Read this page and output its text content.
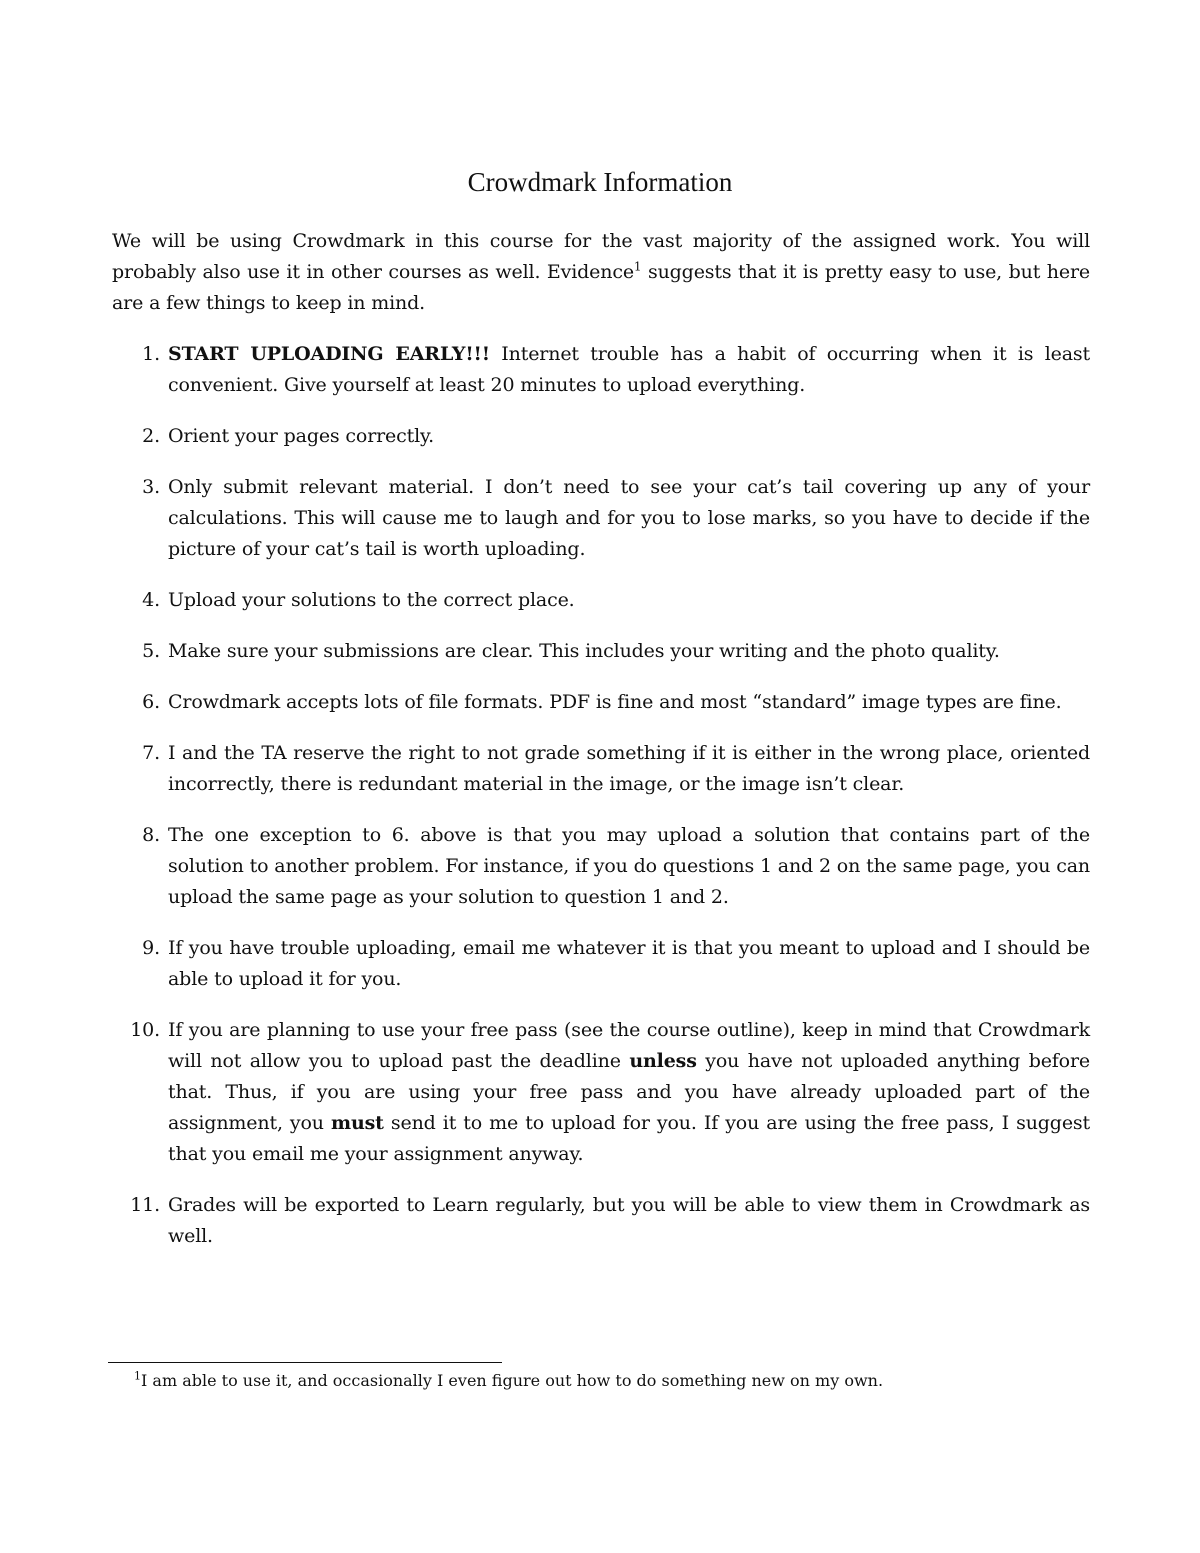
Crowdmark Information

We will be using Crowdmark in this course for the vast majority of the assigned work. You will probably also use it in other courses as well. Evidence$^1$ suggests that it is pretty easy to use, but here are a few things to keep in mind.

1. START UPLOADING EARLY!!! Internet trouble has a habit of occurring when it is least convenient. Give yourself at least 20 minutes to upload everything.
2. Orient your pages correctly.
3. Only submit relevant material. I don’t need to see your cat’s tail covering up any of your calculations. This will cause me to laugh and for you to lose marks, so you have to decide if the picture of your cat’s tail is worth uploading.
4. Upload your solutions to the correct place.
5. Make sure your submissions are clear. This includes your writing and the photo quality.
6. Crowdmark accepts lots of file formats. PDF is fine and most “standard” image types are fine.
7. I and the TA reserve the right to not grade something if it is either in the wrong place, oriented incorrectly, there is redundant material in the image, or the image isn’t clear.
8. The one exception to 6. above is that you may upload a solution that contains part of the solution to another problem. For instance, if you do questions 1 and 2 on the same page, you can upload the same page as your solution to question 1 and 2.
9. If you have trouble uploading, email me whatever it is that you meant to upload and I should be able to upload it for you.
10. If you are planning to use your free pass (see the course outline), keep in mind that Crowdmark will not allow you to upload past the deadline unless you have not uploaded anything before that. Thus, if you are using your free pass and you have already uploaded part of the assignment, you must send it to me to upload for you. If you are using the free pass, I suggest that you email me your assignment anyway.
11. Grades will be exported to Learn regularly, but you will be able to view them in Crowdmark as well.
$^1$I am able to use it, and occasionally I even figure out how to do something new on my own.
